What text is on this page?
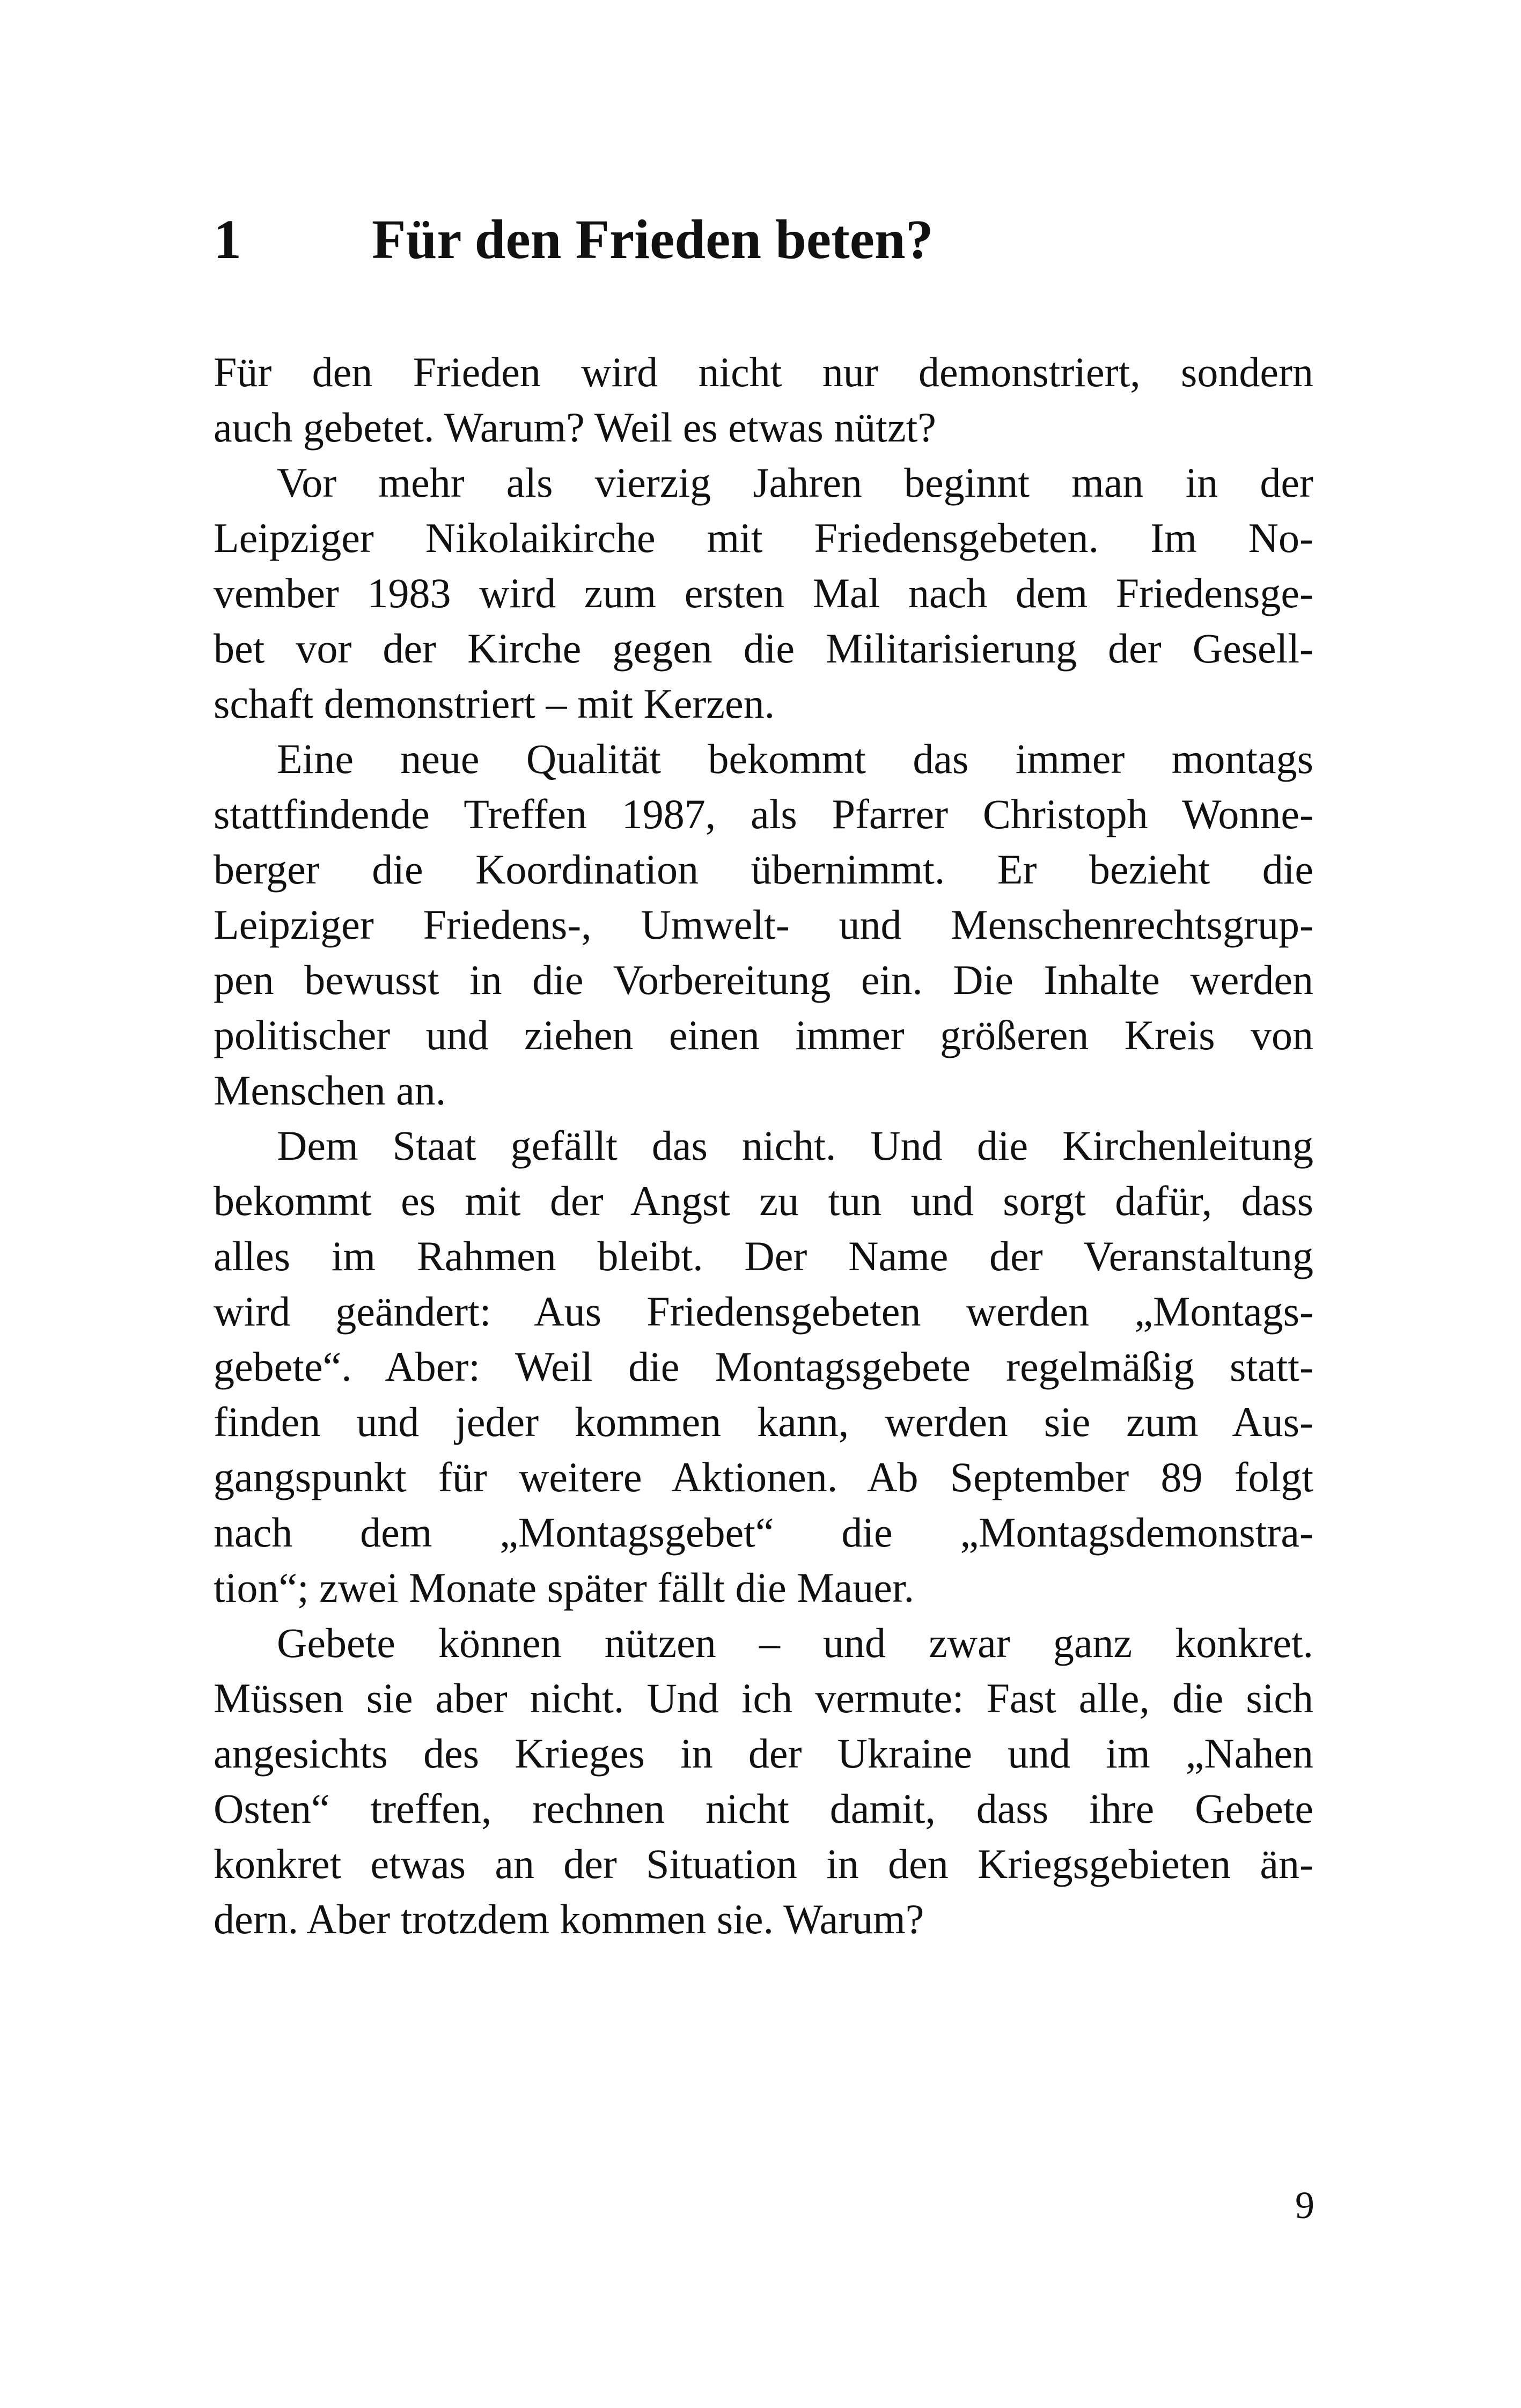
1 Für den Frieden beten?
Für den Frieden wird nicht nur demonstriert, sondern
auch gebetet. Warum? Weil es etwas nützt?
Vor mehr als vierzig Jahren beginnt man in der
Leipziger Nikolaikirche mit Friedensgebeten. Im No-
vember 1983 wird zum ersten Mal nach dem Friedensge-
bet vor der Kirche gegen die Militarisierung der Gesell-
schaft demonstriert – mit Kerzen.
Eine neue Qualität bekommt das immer montags
stattfindende Treffen 1987, als Pfarrer Christoph Wonne-
berger die Koordination übernimmt. Er bezieht die
Leipziger Friedens-, Umwelt- und Menschenrechtsgrup-
pen bewusst in die Vorbereitung ein. Die Inhalte werden
politischer und ziehen einen immer größeren Kreis von
Menschen an.
Dem Staat gefällt das nicht. Und die Kirchenleitung
bekommt es mit der Angst zu tun und sorgt dafür, dass
alles im Rahmen bleibt. Der Name der Veranstaltung
wird geändert: Aus Friedensgebeten werden „Montags-
gebete“. Aber: Weil die Montagsgebete regelmäßig statt-
finden und jeder kommen kann, werden sie zum Aus-
gangspunkt für weitere Aktionen. Ab September 89 folgt
nach dem „Montagsgebet“ die „Montagsdemonstra-
tion“; zwei Monate später fällt die Mauer.
Gebete können nützen – und zwar ganz konkret.
Müssen sie aber nicht. Und ich vermute: Fast alle, die sich
angesichts des Krieges in der Ukraine und im „Nahen
Osten“ treffen, rechnen nicht damit, dass ihre Gebete
konkret etwas an der Situation in den Kriegsgebieten än-
dern. Aber trotzdem kommen sie. Warum?
9
